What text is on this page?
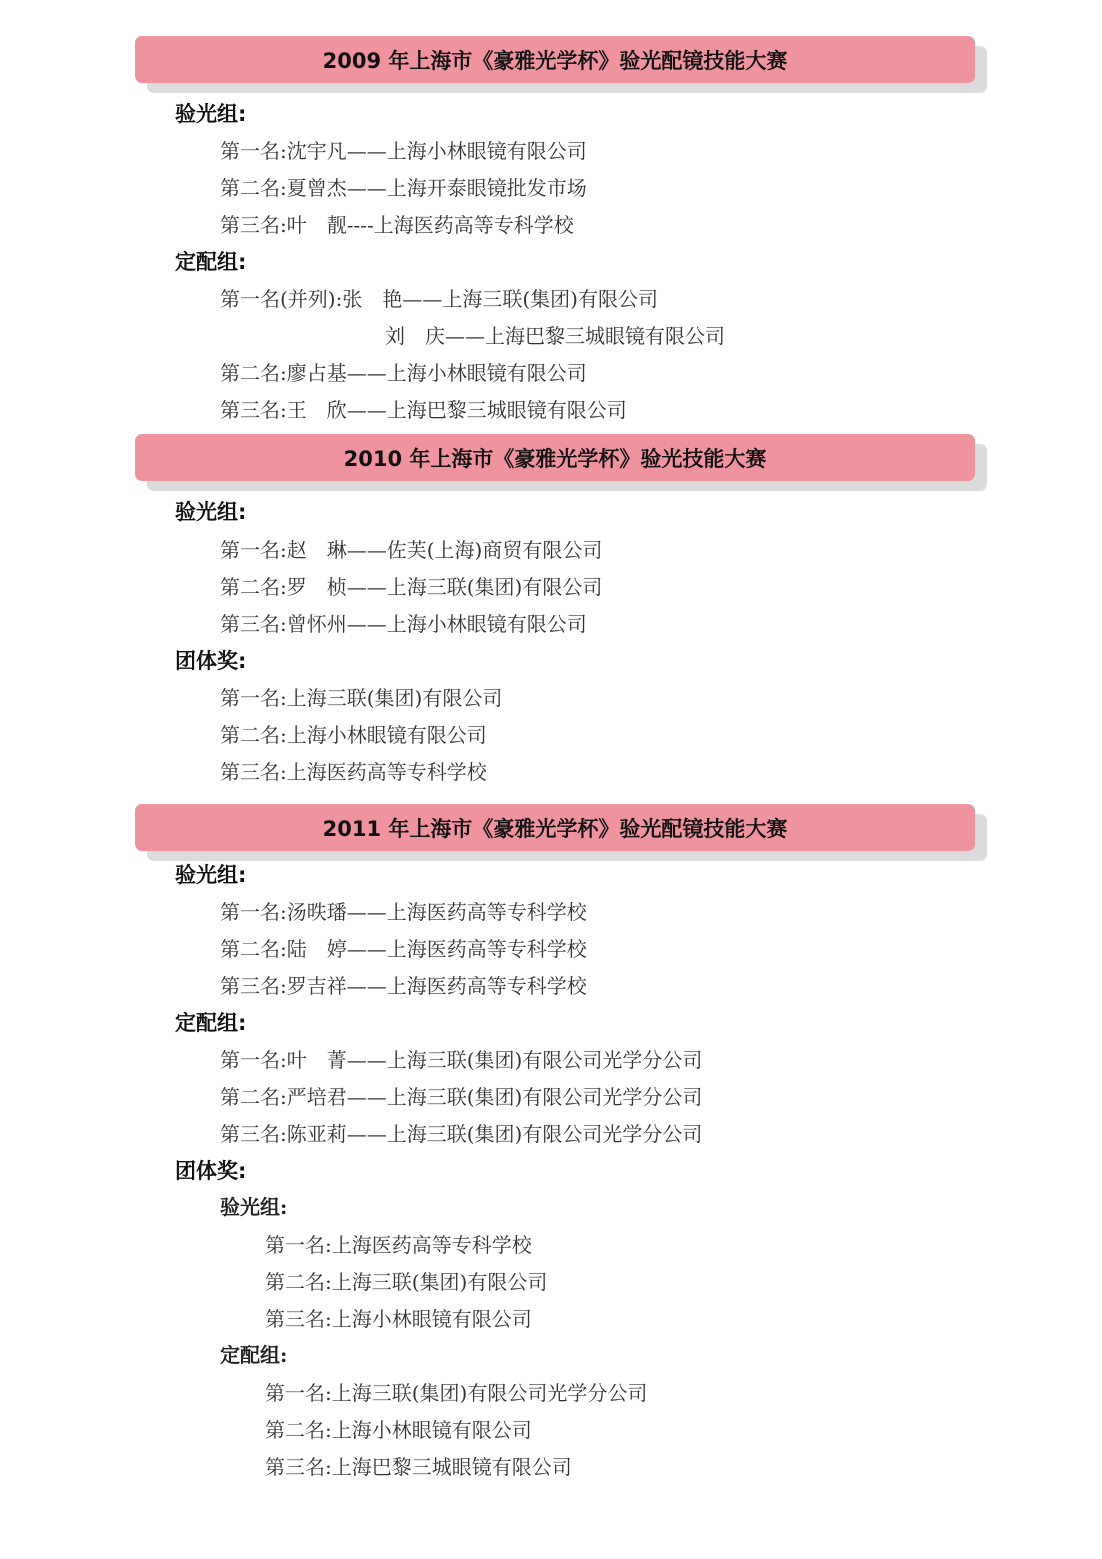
2009 年上海市《豪雅光学杯》验光配镜技能大赛
验光组:
第一名:沈宇凡——上海小林眼镜有限公司
第二名:夏曾杰——上海开泰眼镜批发市场
第三名:叶　靓----上海医药高等专科学校
定配组:
第一名(并列):张　艳——上海三联(集团)有限公司
刘　庆——上海巴黎三城眼镜有限公司
第二名:廖占基——上海小林眼镜有限公司
第三名:王　欣——上海巴黎三城眼镜有限公司
2010 年上海市《豪雅光学杯》验光技能大赛
验光组:
第一名:赵　琳——佐芙(上海)商贸有限公司
第二名:罗　桢——上海三联(集团)有限公司
第三名:曾怀州——上海小林眼镜有限公司
团体奖:
第一名:上海三联(集团)有限公司
第二名:上海小林眼镜有限公司
第三名:上海医药高等专科学校
2011 年上海市《豪雅光学杯》验光配镜技能大赛
验光组:
第一名:汤昳璠——上海医药高等专科学校
第二名:陆　婷——上海医药高等专科学校
第三名:罗吉祥——上海医药高等专科学校
定配组:
第一名:叶　菁——上海三联(集团)有限公司光学分公司
第二名:严培君——上海三联(集团)有限公司光学分公司
第三名:陈亚莉——上海三联(集团)有限公司光学分公司
团体奖:
验光组:
第一名:上海医药高等专科学校
第二名:上海三联(集团)有限公司
第三名:上海小林眼镜有限公司
定配组:
第一名:上海三联(集团)有限公司光学分公司
第二名:上海小林眼镜有限公司
第三名:上海巴黎三城眼镜有限公司
